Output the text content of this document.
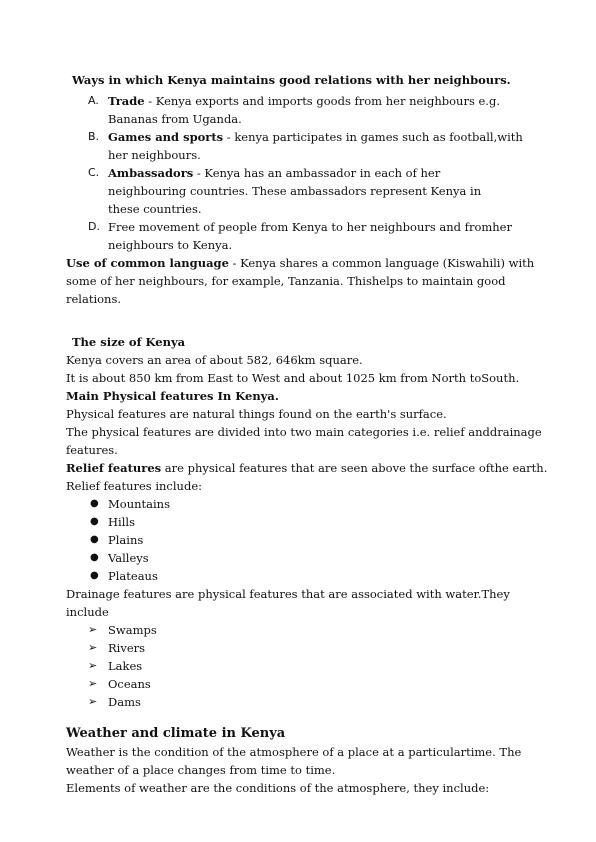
Ways in which Kenya maintains good relations with her neighbours.
A. Trade - Kenya exports and imports goods from her neighbours e.g.
Bananas from Uganda.
B. Games and sports - kenya participates in games such as football,with
her neighbours.
C. Ambassadors - Kenya has an ambassador in each of her
neighbouring countries. These ambassadors represent Kenya in
these countries.
D. Free movement of people from Kenya to her neighbours and fromher
neighbours to Kenya.
Use of common language - Kenya shares a common language (Kiswahili) with
some of her neighbours, for example, Tanzania. Thishelps to maintain good
relations.
The size of Kenya
Kenya covers an area of about 582, 646km square.
It is about 850 km from East to West and about 1025 km from North toSouth.
Main Physical features In Kenya.
Physical features are natural things found on the earth's surface.
The physical features are divided into two main categories i.e. relief anddrainage
features.
Relief features are physical features that are seen above the surface ofthe earth.
Relief features include:
● Mountains
● Hills
● Plains
● Valleys
● Plateaus
Drainage features are physical features that are associated with water.They
include
➢ Swamps
➢ Rivers
➢ Lakes
➢ Oceans
➢ Dams
Weather and climate in Kenya
Weather is the condition of the atmosphere of a place at a particulartime. The
weather of a place changes from time to time.
Elements of weather are the conditions of the atmosphere, they include:
